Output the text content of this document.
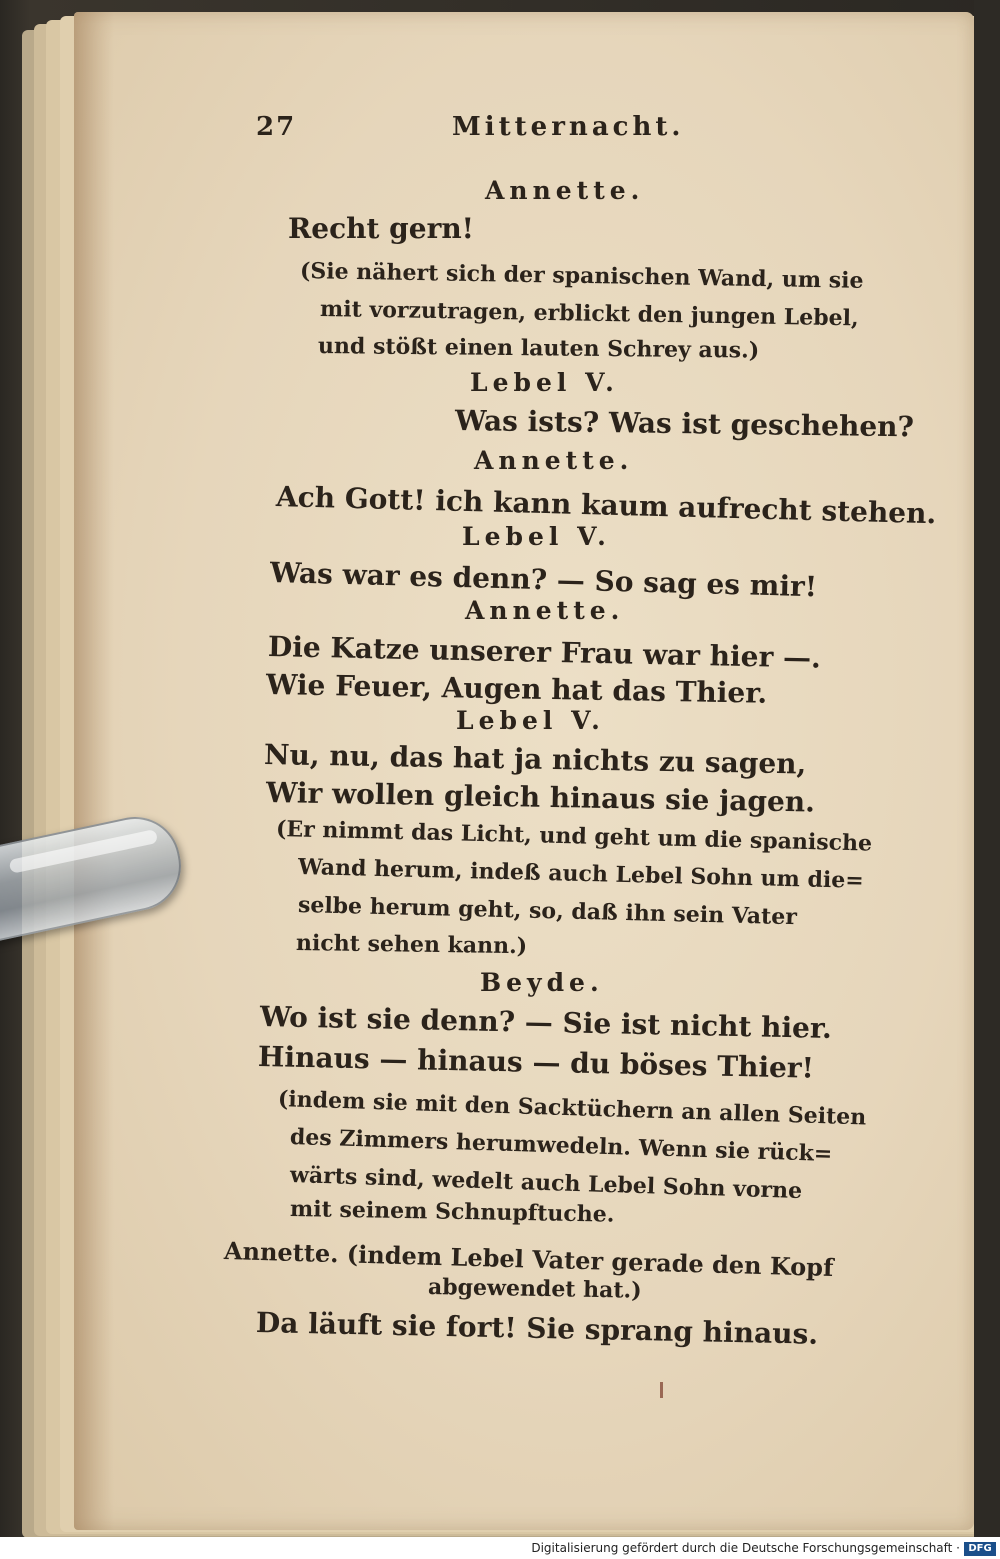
27	Mitternacht.
Annette.
Recht gern!
(Sie nähert sich der spanischen Wand, um sie
mit vorzutragen, erblickt den jungen Lebel,
und stößt einen lauten Schrey aus.)
Lebel V.
Was ists? Was ist geschehen?
Annette.
Ach Gott! ich kann kaum aufrecht stehen.
Lebel V.
Was war es denn? — So sag es mir!
Annette.
Die Katze unserer Frau war hier —.
Wie Feuer, Augen hat das Thier.
Lebel V.
Nu, nu, das hat ja nichts zu sagen,
Wir wollen gleich hinaus sie jagen.
(Er nimmt das Licht, und geht um die spanische
Wand herum, indeß auch Lebel Sohn um die=
selbe herum geht, so, daß ihn sein Vater
nicht sehen kann.)
Beyde.
Wo ist sie denn? — Sie ist nicht hier.
Hinaus — hinaus — du böses Thier!
(indem sie mit den Sacktüchern an allen Seiten
des Zimmers herumwedeln. Wenn sie rück=
wärts sind, wedelt auch Lebel Sohn vorne
mit seinem Schnupftuche.
Annette. (indem Lebel Vater gerade den Kopf
abgewendet hat.)
Da läuft sie fort! Sie sprang hinaus.
Digitalisierung gefördert durch die Deutsche Forschungsgemeinschaft · DFG
